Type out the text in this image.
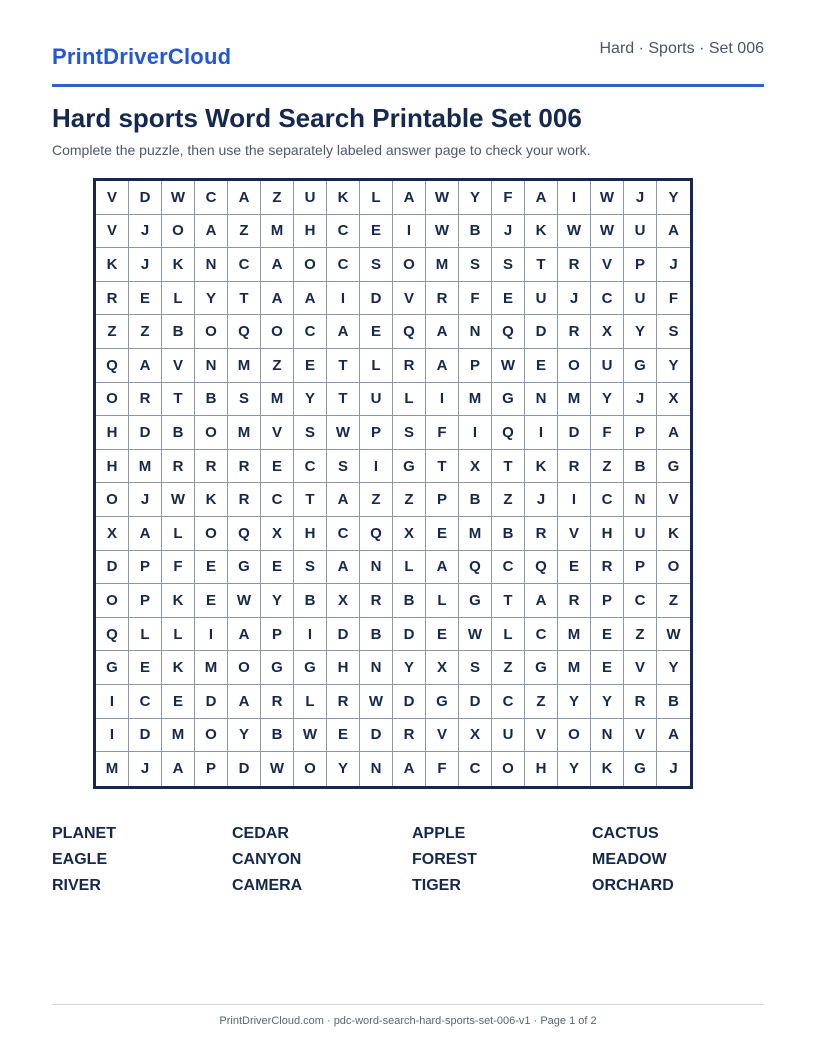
PrintDriverCloud	Hard · Sports · Set 006
Hard sports Word Search Printable Set 006

Complete the puzzle, then use the separately labeled answer page to check your work.

V	D	W	C	A	Z	U	K	L	A	W	Y	F	A	I	W	J	Y
V	J	O	A	Z	M	H	C	E	I	W	B	J	K	W	W	U	A
K	J	K	N	C	A	O	C	S	O	M	S	S	T	R	V	P	J
R	E	L	Y	T	A	A	I	D	V	R	F	E	U	J	C	U	F
Z	Z	B	O	Q	O	C	A	E	Q	A	N	Q	D	R	X	Y	S
Q	A	V	N	M	Z	E	T	L	R	A	P	W	E	O	U	G	Y
O	R	T	B	S	M	Y	T	U	L	I	M	G	N	M	Y	J	X
H	D	B	O	M	V	S	W	P	S	F	I	Q	I	D	F	P	A
H	M	R	R	R	E	C	S	I	G	T	X	T	K	R	Z	B	G
O	J	W	K	R	C	T	A	Z	Z	P	B	Z	J	I	C	N	V
X	A	L	O	Q	X	H	C	Q	X	E	M	B	R	V	H	U	K
D	P	F	E	G	E	S	A	N	L	A	Q	C	Q	E	R	P	O
O	P	K	E	W	Y	B	X	R	B	L	G	T	A	R	P	C	Z
Q	L	L	I	A	P	I	D	B	D	E	W	L	C	M	E	Z	W
G	E	K	M	O	G	G	H	N	Y	X	S	Z	G	M	E	V	Y
I	C	E	D	A	R	L	R	W	D	G	D	C	Z	Y	Y	R	B
I	D	M	O	Y	B	W	E	D	R	V	X	U	V	O	N	V	A
M	J	A	P	D	W	O	Y	N	A	F	C	O	H	Y	K	G	J
PLANET	CEDAR	APPLE	CACTUS
EAGLE	CANYON	FOREST	MEADOW
RIVER	CAMERA	TIGER	ORCHARD
PrintDriverCloud.com · pdc-word-search-hard-sports-set-006-v1 · Page 1 of 2
